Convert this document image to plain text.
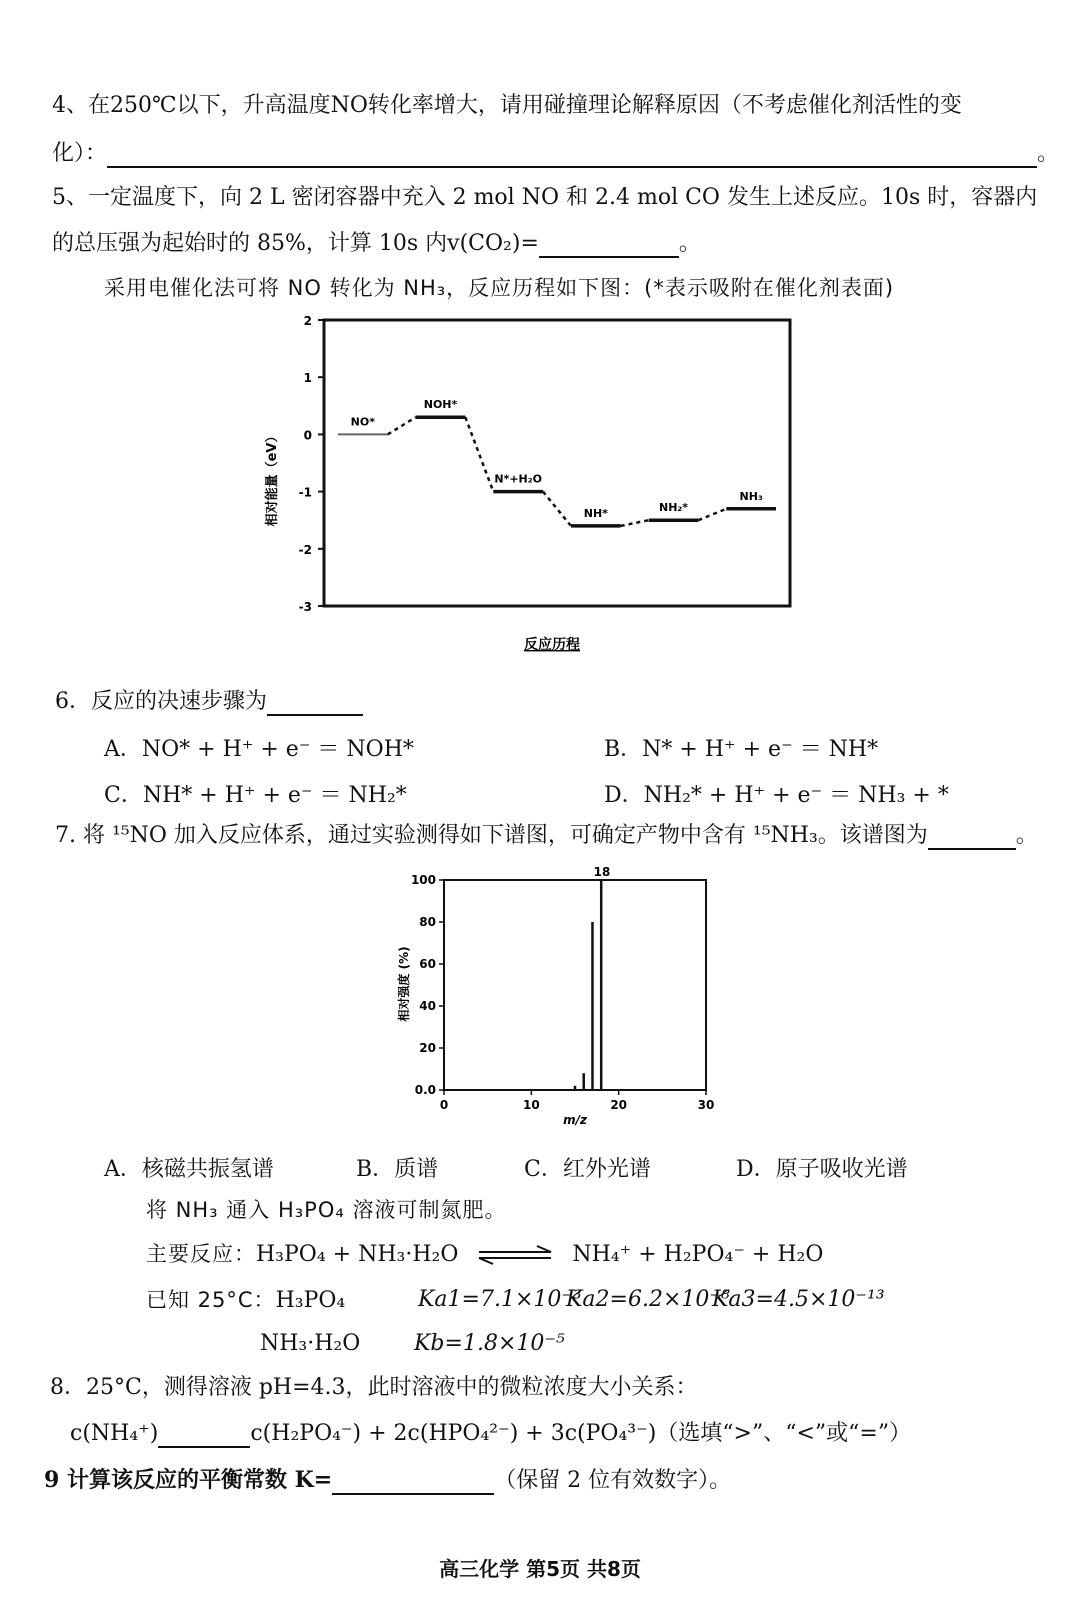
4、在250℃以下，升高温度NO转化率增大，请用碰撞理论解释原因（不考虑催化剂活性的变
化）：	。
5、一定温度下，向 2 L 密闭容器中充入 2 mol NO 和 2.4 mol CO 发生上述反应。10s 时，容器内
的总压强为起始时的 85%，计算 10s 内v(CO₂)=	。
采用电催化法可将 NO 转化为 NH₃，反应历程如下图：(*表示吸附在催化剂表面)
2
1
0
-1
-2
-3
NO*
NOH*
N*+H₂O
NH*	NH₂*
NH₃
相对能量（eV）
反应历程
6．反应的决速步骤为
A．NO* + H⁺ + e⁻ ＝ NOH*	B．N* + H⁺ + e⁻ ＝ NH*
C．NH* + H⁺ + e⁻ ＝ NH₂*	D．NH₂* + H⁺ + e⁻ ＝ NH₃ + *
7. 将 ¹⁵NO 加入反应体系，通过实验测得如下谱图，可确定产物中含有 ¹⁵NH₃。该谱图为	。
0	10	20	30
100
80
60
40
20
0.0
18
相对强度 (%)
m/z
A．核磁共振氢谱	B．质谱	C．红外光谱	D．原子吸收光谱
将 NH₃ 通入 H₃PO₄ 溶液可制氮肥。
主要反应：H₃PO₄ + NH₃·H₂O ⇌ NH₄⁺ + H₂PO₄⁻ + H₂O
已知 25°C：H₃PO₄	Ka1=7.1×10⁻³
Ka2=6.2×10⁻⁸
Ka3=4.5×10⁻¹³
NH₃·H₂O Kb=1.8×10⁻⁵
8．25°C，测得溶液 pH=4.3，此时溶液中的微粒浓度大小关系：
c(NH₄⁺)	c(H₂PO₄⁻) + 2c(HPO₄²⁻) + 3c(PO₄³⁻)（选填“>”、“<”或“=”）
9 计算该反应的平衡常数 K=	（保留 2 位有效数字）。
高三化学 第5页 共8页
